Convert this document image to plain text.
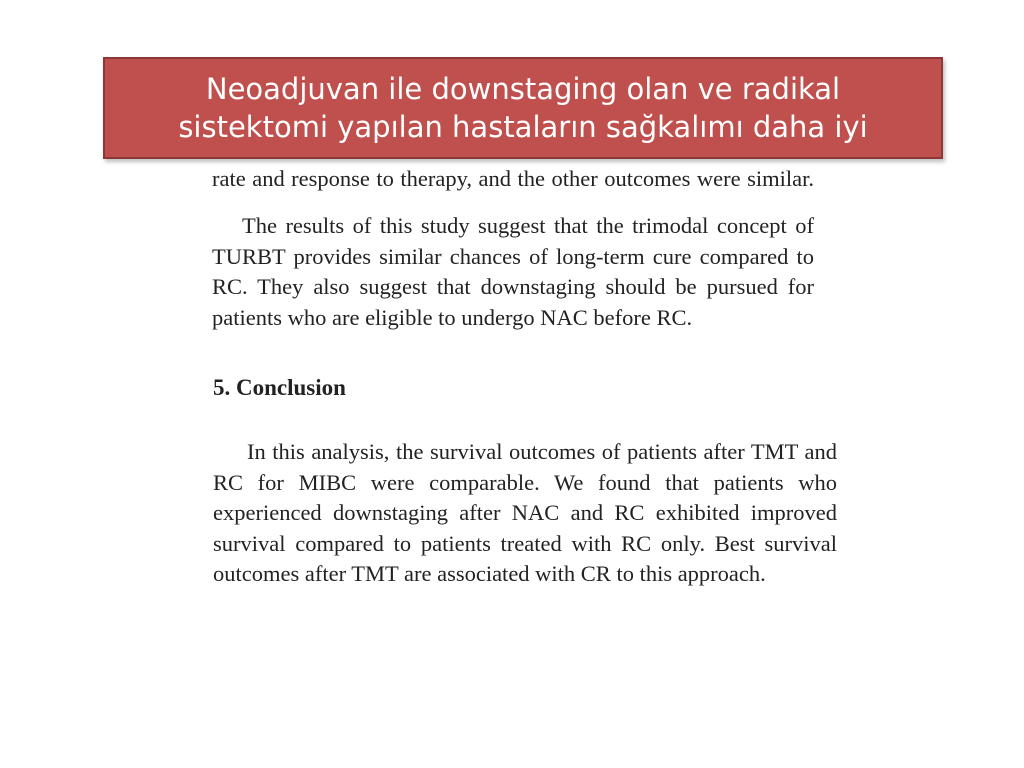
Neoadjuvan ile downstaging olan ve radikal
sistektomi yapılan hastaların sağkalımı daha iyi
rate and response to therapy, and the other outcomes were similar.

The results of this study suggest that the trimodal concept of TURBT provides similar chances of long-term cure compared to RC. They also suggest that downstaging should be pursued for patients who are eligible to undergo NAC before RC.

5. Conclusion

In this analysis, the survival outcomes of patients after TMT and RC for MIBC were comparable. We found that patients who experienced downstaging after NAC and RC exhibited improved survival compared to patients treated with RC only. Best survival outcomes after TMT are associated with CR to this approach.
